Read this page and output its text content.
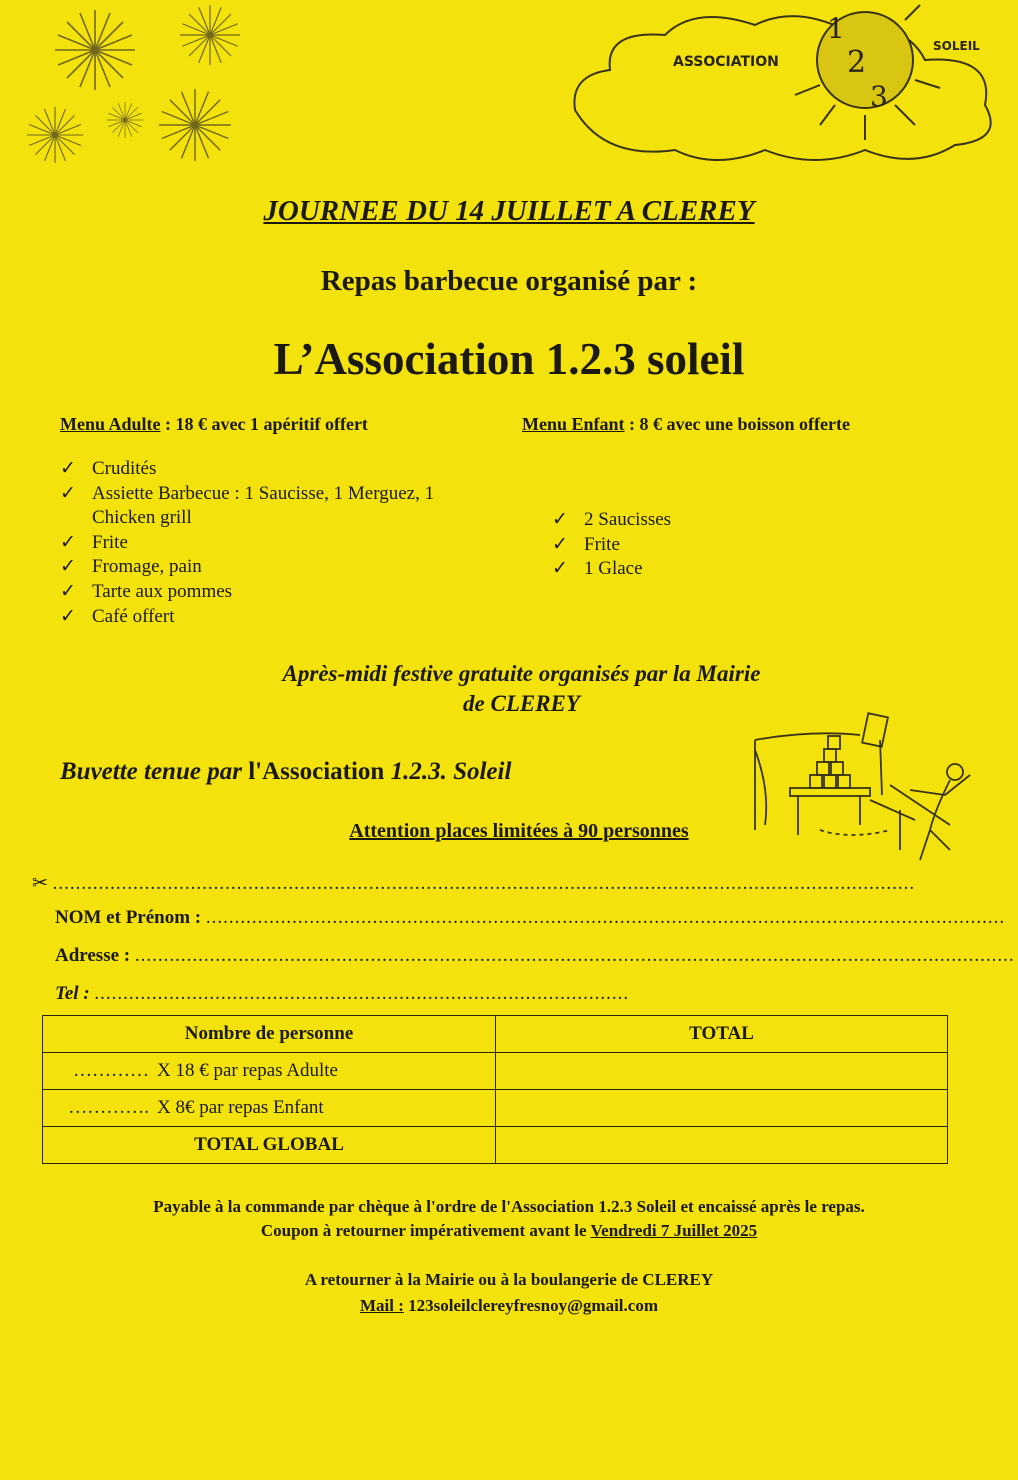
ASSOCIATION
1
2
3
SOLEIL
JOURNEE DU 14 JUILLET A CLEREY
Repas barbecue organisé par :
L’Association 1.2.3 soleil
Menu Adulte : 18 € avec 1 apéritif offert	Menu Enfant : 8 € avec une boisson offerte
✓ Crudités
✓ Assiette Barbecue : 1 Saucisse, 1 Merguez, 1 Chicken grill
✓ Frite
✓ Fromage, pain
✓ Tarte aux pommes
✓ Café offert
✓ 2 Saucisses
✓ Frite
✓ 1 Glace
Après-midi festive gratuite organisés par la Mairie
de CLEREY
Buvette tenue par l'Association 1.2.3. Soleil
Attention places limitées à 90 personnes
✂ ......................................................................................................................................................
NOM et Prénom : ...........................................................................................................................................
Adresse : .........................................................................................................................................................
Tel : .............................................................................................
Nombre de personne	TOTAL
………… X 18 € par repas Adulte	
…………. X 8€ par repas Enfant	
TOTAL GLOBAL	
Payable à la commande par chèque à l'ordre de l'Association 1.2.3 Soleil et encaissé après le repas.
Coupon à retourner impérativement avant le Vendredi 7 Juillet 2025
A retourner à la Mairie ou à la boulangerie de CLEREY
Mail : 123soleilclereyfresnoy@gmail.com
